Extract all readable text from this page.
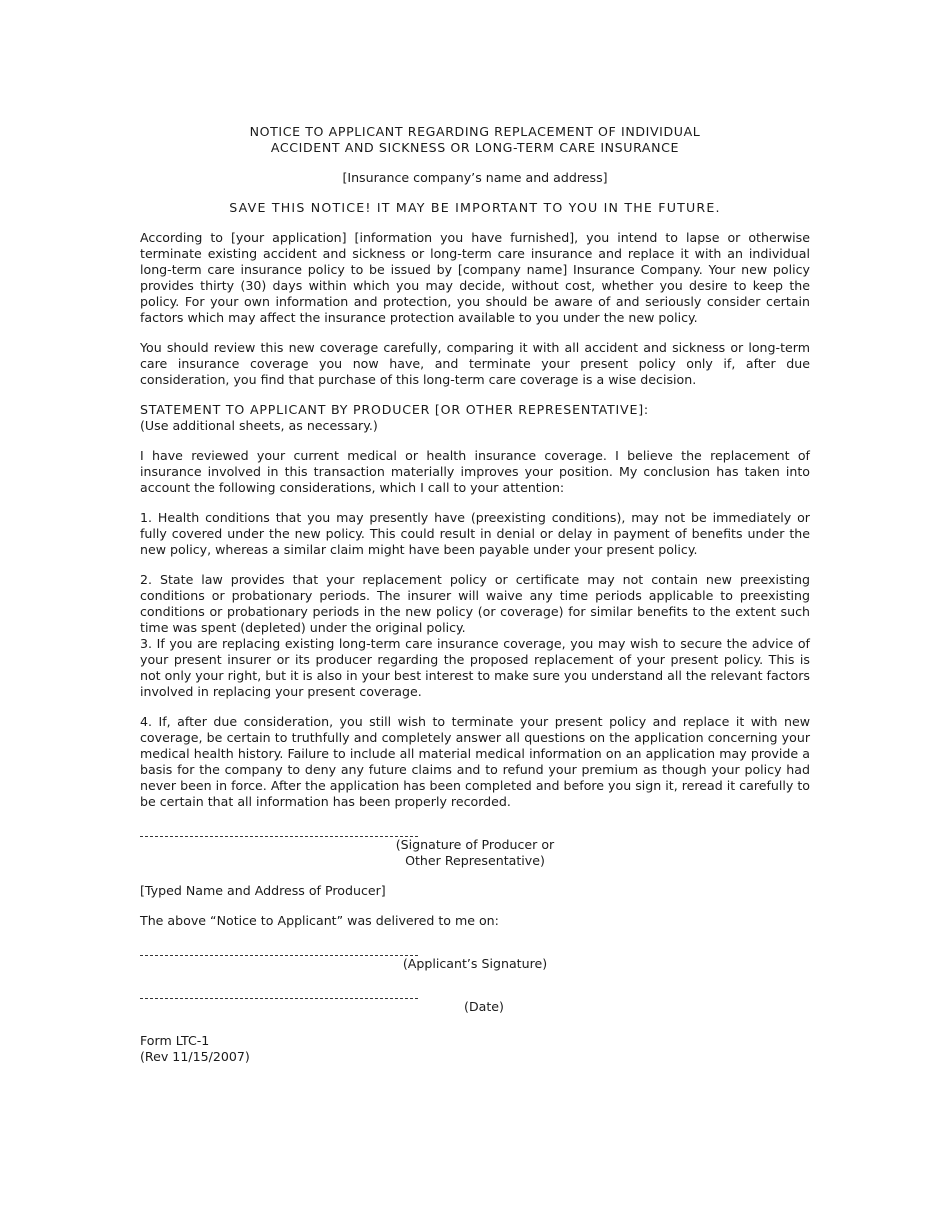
NOTICE TO APPLICANT REGARDING REPLACEMENT OF INDIVIDUAL
ACCIDENT AND SICKNESS OR LONG-TERM CARE INSURANCE

[Insurance company’s name and address]

SAVE THIS NOTICE! IT MAY BE IMPORTANT TO YOU IN THE FUTURE.

According to [your application] [information you have furnished], you intend to lapse or otherwise terminate existing accident and sickness or long-term care insurance and replace it with an individual long-term care insurance policy to be issued by [company name] Insurance Company. Your new policy provides thirty (30) days within which you may decide, without cost, whether you desire to keep the policy. For your own information and protection, you should be aware of and seriously consider certain factors which may affect the insurance protection available to you under the new policy.

You should review this new coverage carefully, comparing it with all accident and sickness or long-term care insurance coverage you now have, and terminate your present policy only if, after due consideration, you find that purchase of this long-term care coverage is a wise decision.

STATEMENT TO APPLICANT BY PRODUCER [OR OTHER REPRESENTATIVE]:

(Use additional sheets, as necessary.)

I have reviewed your current medical or health insurance coverage. I believe the replacement of insurance involved in this transaction materially improves your position. My conclusion has taken into account the following considerations, which I call to your attention:

1. Health conditions that you may presently have (preexisting conditions), may not be immediately or fully covered under the new policy. This could result in denial or delay in payment of benefits under the new policy, whereas a similar claim might have been payable under your present policy.

2. State law provides that your replacement policy or certificate may not contain new preexisting conditions or probationary periods. The insurer will waive any time periods applicable to preexisting conditions or probationary periods in the new policy (or coverage) for similar benefits to the extent such time was spent (depleted) under the original policy.

3. If you are replacing existing long-term care insurance coverage, you may wish to secure the advice of your present insurer or its producer regarding the proposed replacement of your present policy. This is not only your right, but it is also in your best interest to make sure you understand all the relevant factors involved in replacing your present coverage.

4. If, after due consideration, you still wish to terminate your present policy and replace it with new coverage, be certain to truthfully and completely answer all questions on the application concerning your medical health history. Failure to include all material medical information on an application may provide a basis for the company to deny any future claims and to refund your premium as though your policy had never been in force. After the application has been completed and before you sign it, reread it carefully to be certain that all information has been properly recorded.

(Signature of Producer or
Other Representative)

[Typed Name and Address of Producer]

The above “Notice to Applicant” was delivered to me on:

(Applicant’s Signature)
(Date)

Form LTC-1

(Rev 11/15/2007)
